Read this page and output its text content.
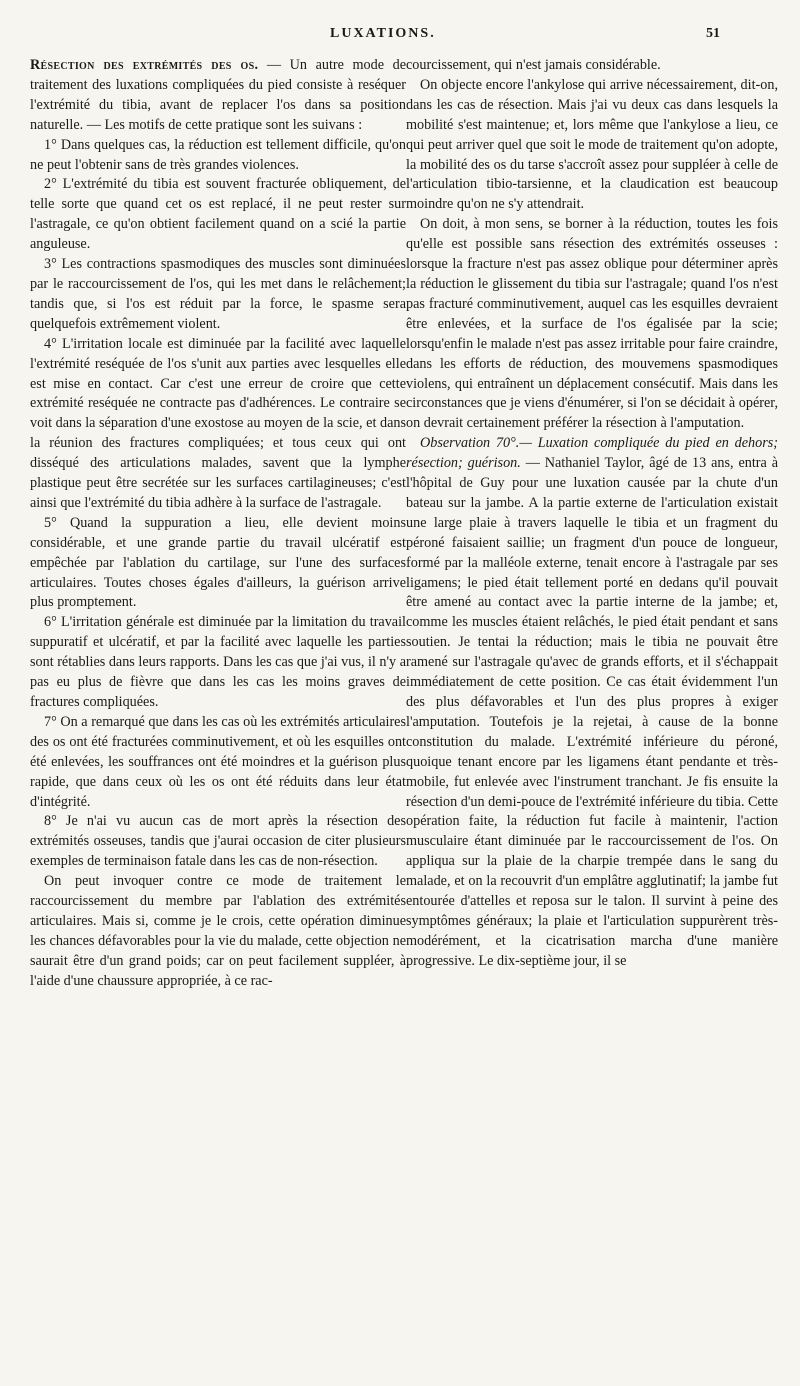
LUXATIONS.	51

Résection des extrémités des os. — Un autre mode de traitement des luxations compliquées du pied consiste à reséquer l'extrémité du tibia, avant de replacer l'os dans sa position naturelle. — Les motifs de cette pratique sont les suivans :

1° Dans quelques cas, la réduction est tellement difficile, qu'on ne peut l'obtenir sans de très grandes violences.

2° L'extrémité du tibia est souvent fracturée obliquement, de telle sorte que quand cet os est replacé, il ne peut rester sur l'astragale, ce qu'on obtient facilement quand on a scié la partie anguleuse.

3° Les contractions spasmodiques des muscles sont diminuées par le raccourcissement de l'os, qui les met dans le relâchement; tandis que, si l'os est réduit par la force, le spasme sera quelquefois extrêmement violent.

4° L'irritation locale est diminuée par la facilité avec laquelle l'extrémité reséquée de l'os s'unit aux parties avec lesquelles elle est mise en contact. Car c'est une erreur de croire que cette extrémité reséquée ne contracte pas d'adhérences. Le contraire se voit dans la séparation d'une exostose au moyen de la scie, et dans la réunion des fractures compliquées; et tous ceux qui ont disséqué des articulations malades, savent que la lymphe plastique peut être secrétée sur les surfaces cartilagineuses; c'est ainsi que l'extrémité du tibia adhère à la surface de l'astragale.

5° Quand la suppuration a lieu, elle devient moins considérable, et une grande partie du travail ulcératif est empêchée par l'ablation du cartilage, sur l'une des surfaces articulaires. Toutes choses égales d'ailleurs, la guérison arrive plus promptement.

6° L'irritation générale est diminuée par la limitation du travail suppuratif et ulcératif, et par la facilité avec laquelle les parties sont rétablies dans leurs rapports. Dans les cas que j'ai vus, il n'y a pas eu plus de fièvre que dans les cas les moins graves de fractures compliquées.

7° On a remarqué que dans les cas où les extrémités articulaires des os ont été fracturées comminutivement, et où les esquilles ont été enlevées, les souffrances ont été moindres et la guérison plus rapide, que dans ceux où les os ont été réduits dans leur état d'intégrité.

8° Je n'ai vu aucun cas de mort après la résection des extrémités osseuses, tandis que j'aurai occasion de citer plusieurs exemples de terminaison fatale dans les cas de non-résection.

On peut invoquer contre ce mode de traitement le raccourcissement du membre par l'ablation des extrémités articulaires. Mais si, comme je le crois, cette opération diminue les chances défavorables pour la vie du malade, cette objection ne saurait être d'un grand poids; car on peut facilement suppléer, à l'aide d'une chaussure appropriée, à ce rac-

courcissement, qui n'est jamais considérable.

On objecte encore l'ankylose qui arrive nécessairement, dit-on, dans les cas de résection. Mais j'ai vu deux cas dans lesquels la mobilité s'est maintenue; et, lors même que l'ankylose a lieu, ce qui peut arriver quel que soit le mode de traitement qu'on adopte, la mobilité des os du tarse s'accroît assez pour suppléer à celle de l'articulation tibio-tarsienne, et la claudication est beaucoup moindre qu'on ne s'y attendrait.

On doit, à mon sens, se borner à la réduction, toutes les fois qu'elle est possible sans résection des extrémités osseuses : lorsque la fracture n'est pas assez oblique pour déterminer après la réduction le glissement du tibia sur l'astragale; quand l'os n'est pas fracturé comminutivement, auquel cas les esquilles devraient être enlevées, et la surface de l'os égalisée par la scie; lorsqu'enfin le malade n'est pas assez irritable pour faire craindre, dans les efforts de réduction, des mouvemens spasmodiques violens, qui entraînent un déplacement consécutif. Mais dans les circonstances que je viens d'énumérer, si l'on se décidait à opérer, on devrait certainement préférer la résection à l'amputation.

Observation 70°.— Luxation compliquée du pied en dehors; résection; guérison. — Nathaniel Taylor, âgé de 13 ans, entra à l'hôpital de Guy pour une luxation causée par la chute d'un bateau sur la jambe. A la partie externe de l'articulation existait une large plaie à travers laquelle le tibia et un fragment du péroné faisaient saillie; un fragment d'un pouce de longueur, formé par la malléole externe, tenait encore à l'astragale par ses ligamens; le pied était tellement porté en dedans qu'il pouvait être amené au contact avec la partie interne de la jambe; et, comme les muscles étaient relâchés, le pied était pendant et sans soutien. Je tentai la réduction; mais le tibia ne pouvait être ramené sur l'astragale qu'avec de grands efforts, et il s'échappait immédiatement de cette position. Ce cas était évidemment l'un des plus défavorables et l'un des plus propres à exiger l'amputation. Toutefois je la rejetai, à cause de la bonne constitution du malade. L'extrémité inférieure du péroné, quoique tenant encore par les ligamens étant pendante et très-mobile, fut enlevée avec l'instrument tranchant. Je fis ensuite la résection d'un demi-pouce de l'extrémité inférieure du tibia. Cette opération faite, la réduction fut facile à maintenir, l'action musculaire étant diminuée par le raccourcissement de l'os. On appliqua sur la plaie de la charpie trempée dans le sang du malade, et on la recouvrit d'un emplâtre agglutinatif; la jambe fut entourée d'attelles et reposa sur le talon. Il survint à peine des symptômes généraux; la plaie et l'articulation suppurèrent très-modérément, et la cicatrisation marcha d'une manière progressive. Le dix-septième jour, il se
